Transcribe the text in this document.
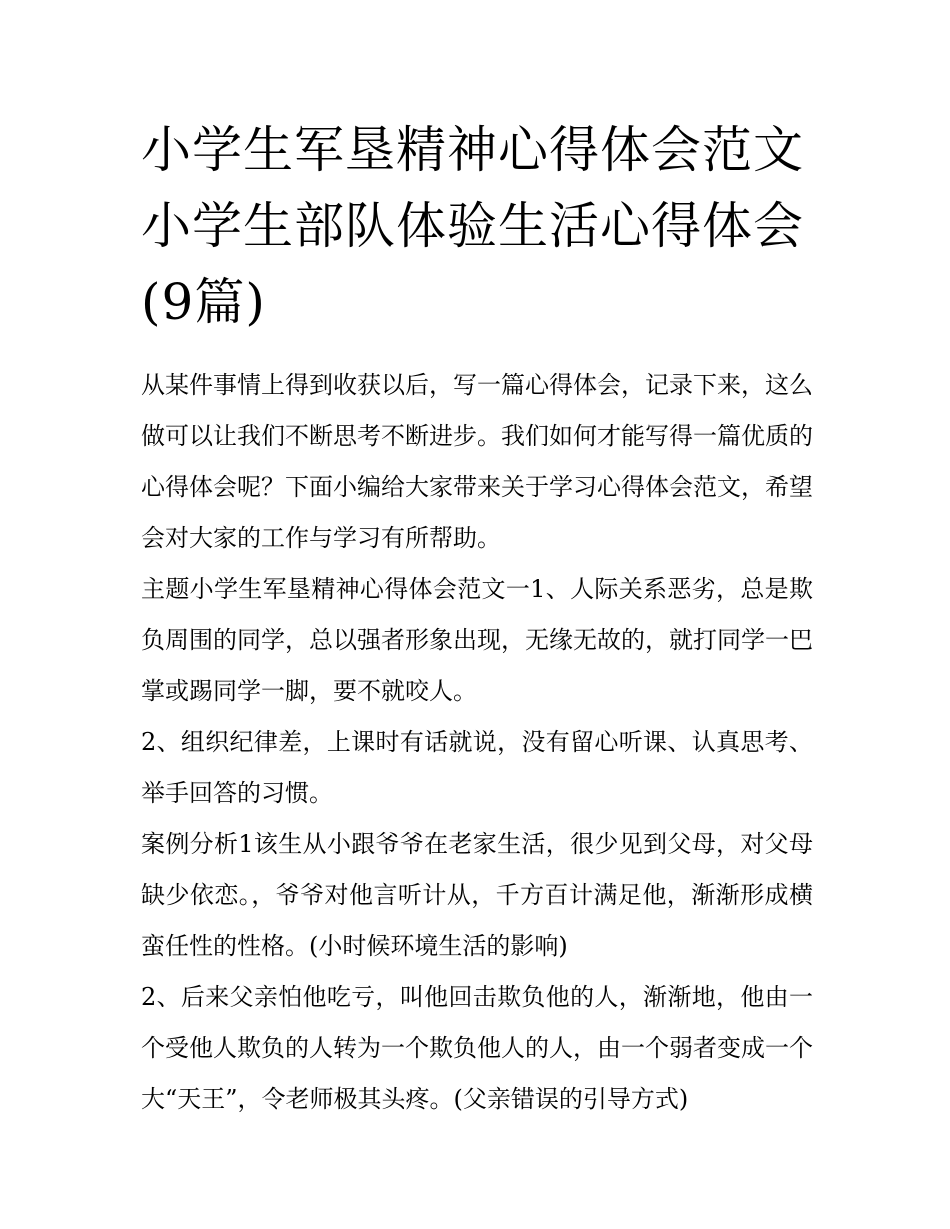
小学生军垦精神心得体会范文小学生部队体验生活心得体会(9篇)

从某件事情上得到收获以后，写一篇心得体会，记录下来，这么做可以让我们不断思考不断进步。我们如何才能写得一篇优质的心得体会呢？下面小编给大家带来关于学习心得体会范文，希望会对大家的工作与学习有所帮助。

主题小学生军垦精神心得体会范文一1、人际关系恶劣，总是欺负周围的同学，总以强者形象出现，无缘无故的，就打同学一巴掌或踢同学一脚，要不就咬人。

2、组织纪律差，上课时有话就说，没有留心听课、认真思考、举手回答的习惯。

案例分析1该生从小跟爷爷在老家生活，很少见到父母，对父母缺少依恋。，爷爷对他言听计从，千方百计满足他，渐渐形成横蛮任性的性格。(小时候环境生活的影响)

2、后来父亲怕他吃亏，叫他回击欺负他的人，渐渐地，他由一个受他人欺负的人转为一个欺负他人的人，由一个弱者变成一个大“天王”，令老师极其头疼。(父亲错误的引导方式)
